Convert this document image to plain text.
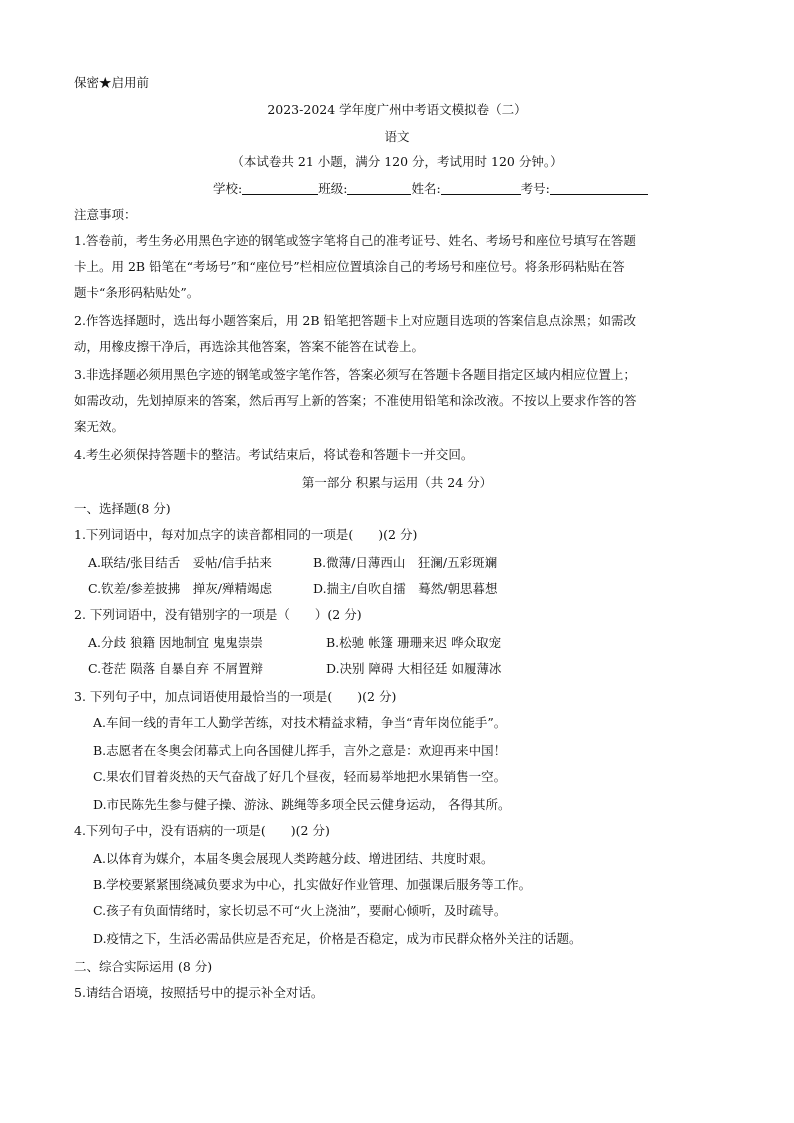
保密★启用前
2023-2024 学年度广州中考语文模拟卷（二）
语文
（本试卷共 21 小题，满分 120 分，考试用时 120 分钟。）
学校:	班级:	姓名:	考号:
注意事项：
1.答卷前，考生务必用黑色字迹的钢笔或签字笔将自己的准考证号、姓名、考场号和座位号填写在答题
卡上。用 2B 铅笔在“考场号”和“座位号”栏相应位置填涂自己的考场号和座位号。将条形码粘贴在答
题卡“条形码粘贴处”。
2.作答选择题时，选出每小题答案后，用 2B 铅笔把答题卡上对应题目选项的答案信息点涂黑；如需改
动，用橡皮擦干净后，再选涂其他答案，答案不能答在试卷上。
3.非选择题必须用黑色字迹的钢笔或签字笔作答，答案必须写在答题卡各题目指定区域内相应位置上；
如需改动，先划掉原来的答案，然后再写上新的答案；不准使用铅笔和涂改液。不按以上要求作答的答
案无效。
4.考生必须保持答题卡的整洁。考试结束后，将试卷和答题卡一并交回。
第一部分 积累与运用（共 24 分）
一、选择题(8 分)
1.下列词语中，每对加点字的读音都相同的一项是(　　)(2 分)
A.联结/张目结舌　妥帖/信手拈来	B.微薄/日薄西山　狂澜/五彩斑斓
C.钦差/参差披拂　掸灰/殚精竭虑	D.揣主/自吹自擂　蓦然/朝思暮想
2. 下列词语中，没有错别字的一项是（　　）(2 分)
A.分歧 狼籍 因地制宜 鬼鬼崇崇	B.松驰 帐篷 珊珊来迟 哗众取宠
C.苍茫 陨落 自暴自弃 不屑置辩	D.决别 障碍 大相径廷 如履薄冰
3. 下列句子中，加点词语使用最恰当的一项是(　　)(2 分)
A.车间一线的青年工人勤学苦练，对技术精益求精，争当“青年岗位能手”。
B.志愿者在冬奥会闭幕式上向各国健儿挥手，言外之意是：欢迎再来中国！
C.果农们冒着炎热的天气奋战了好几个昼夜，轻而易举地把水果销售一空。
D.市民陈先生参与健子操、游泳、跳绳等多项全民云健身运动， 各得其所。
4.下列句子中，没有语病的一项是(　　)(2 分)
A.以体育为媒介，本届冬奥会展现人类跨越分歧、增进团结、共度时艰。
B.学校要紧紧围绕减负要求为中心，扎实做好作业管理、加强课后服务等工作。
C.孩子有负面情绪时，家长切忌不可“火上浇油”，要耐心倾听，及时疏导。
D.疫情之下，生活必需品供应是否充足，价格是否稳定，成为市民群众格外关注的话题。
二、综合实际运用 (8 分)
5.请结合语境，按照括号中的提示补全对话。
